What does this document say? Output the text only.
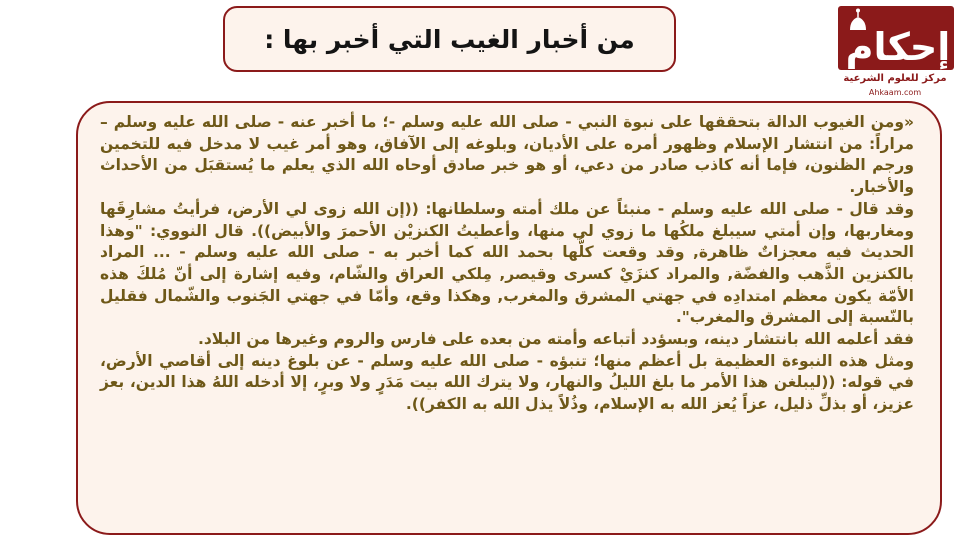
من أخبار الغيب التي أخبر بها :	إحكام
مركز للعلوم الشرعية
Ahkaam.com

«ومن الغيوب الدالة بتحققها على نبوة النبي - صلى الله عليه وسلم -؛ ما أخبر عنه - صلى الله عليه وسلم – مراراً: من انتشار الإسلام وظهور أمره على الأديان، وبلوغه إلى الآفاق، وهو أمر غيب لا مدخل فيه للتخمين ورجم الظنون، فإما أنه كاذب صادر من دعي، أو هو خبر صادق أوحاه الله الذي يعلم ما يُستقبَل من الأحداث والأخبار.

وقد قال - صلى الله عليه وسلم - منبئاً عن ملك أمته وسلطانها: ((إن الله زوى لي الأرض، فرأيتُ مشارِقَها ومغاربها، وإن أمتي سيبلغ ملكُها ما زوي لي منها، وأعطيتُ الكنزيْن الأحمرَ والأبيض)). قال النووي: "وهذا الحديث فيه معجزاتٌ ظاهرة, وقد وقعت كلُّها بحمد الله كما أخبر به - صلى الله عليه وسلم - ... المراد بالكنزين الذَّهب والفضّة, والمراد كنزَيْ كسرى وقيصر, مِلكي العراق والشّام، وفيه إشارة إلى أنّ مُلكَ هذه الأمّة يكون معظم امتدادِه في جهتي المشرق والمغرب, وهكذا وقع، وأمّا في جهتي الجَنوب والشّمال فقليل بالنّسبة إلى المشرق والمغرب".

فقد أعلمه الله بانتشار دينه، وبسؤدد أتباعه وأمته من بعده على فارس والروم وغيرها من البلاد.

ومثل هذه النبوءة العظيمة بل أعظم منها؛ تنبؤه - صلى الله عليه وسلم - عن بلوغ دينه إلى أقاصي الأرض، في قوله: ((ليبلغن هذا الأمر ما بلغ الليلُ والنهار، ولا يترك الله بيت مَدَرٍ ولا وبرٍ، إلا أدخله اللهُ هذا الدين، بعز عزيز، أو بذلِّ ذليل، عزاً يُعز الله به الإسلام، وذُلاً يذل الله به الكفر)).
